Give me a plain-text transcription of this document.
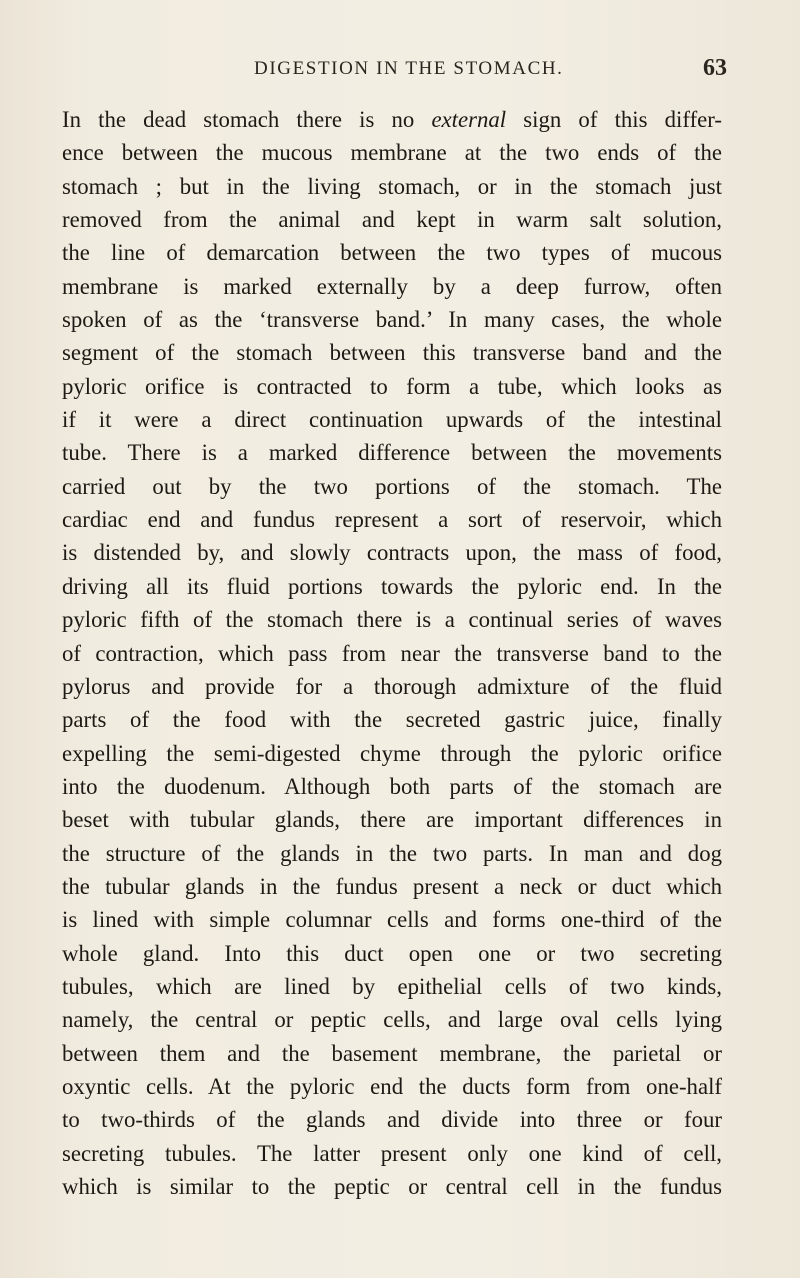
DIGESTION IN THE STOMACH.	63
In the dead stomach there is no external sign of this differ-
ence between the mucous membrane at the two ends of the
stomach ; but in the living stomach, or in the stomach just
removed from the animal and kept in warm salt solution,
the line of demarcation between the two types of mucous
membrane is marked externally by a deep furrow, often
spoken of as the ‘transverse band.’ In many cases, the whole
segment of the stomach between this transverse band and the
pyloric orifice is contracted to form a tube, which looks as
if it were a direct continuation upwards of the intestinal
tube. There is a marked difference between the movements
carried out by the two portions of the stomach. The
cardiac end and fundus represent a sort of reservoir, which
is distended by, and slowly contracts upon, the mass of food,
driving all its fluid portions towards the pyloric end. In the
pyloric fifth of the stomach there is a continual series of waves
of contraction, which pass from near the transverse band to the
pylorus and provide for a thorough admixture of the fluid
parts of the food with the secreted gastric juice, finally
expelling the semi-digested chyme through the pyloric orifice
into the duodenum. Although both parts of the stomach are
beset with tubular glands, there are important differences in
the structure of the glands in the two parts. In man and dog
the tubular glands in the fundus present a neck or duct which
is lined with simple columnar cells and forms one-third of the
whole gland. Into this duct open one or two secreting
tubules, which are lined by epithelial cells of two kinds,
namely, the central or peptic cells, and large oval cells lying
between them and the basement membrane, the parietal or
oxyntic cells. At the pyloric end the ducts form from one-half
to two-thirds of the glands and divide into three or four
secreting tubules. The latter present only one kind of cell,
which is similar to the peptic or central cell in the fundus
